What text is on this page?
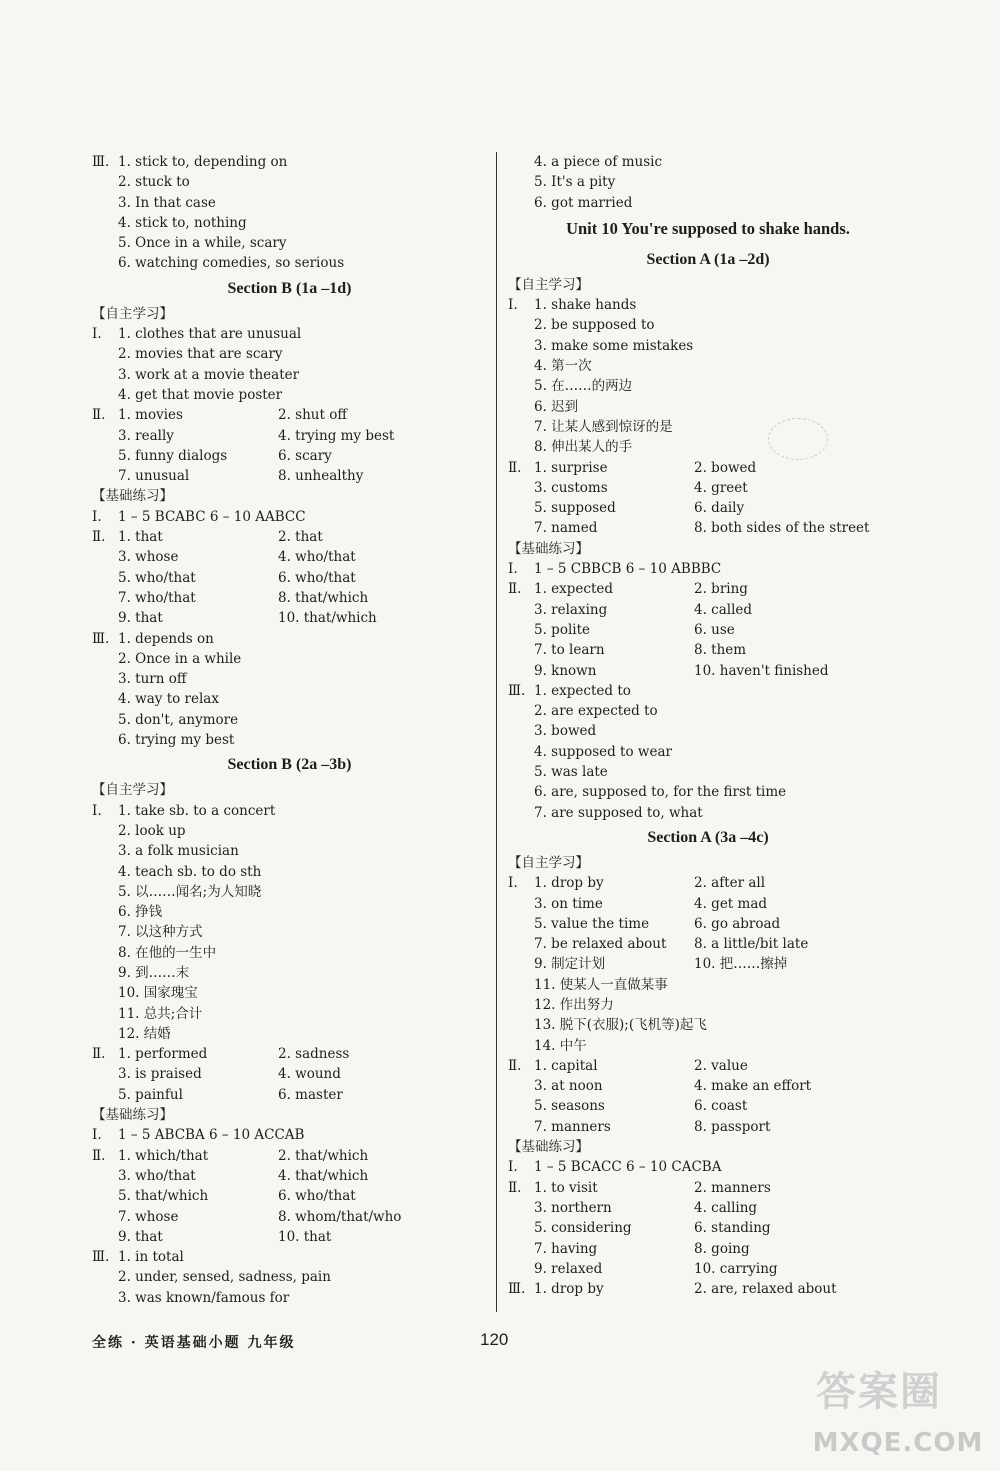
Ⅲ. 1. stick to, depending on
2. stuck to
3. In that case
4. stick to, nothing
5. Once in a while, scary
6. watching comedies, so serious
Section B (1a –1d)
【自主学习】
Ⅰ. 1. clothes that are unusual
2. movies that are scary
3. work at a movie theater
4. get that movie poster
Ⅱ. 1. movies	2. shut off
3. really	4. trying my best
5. funny dialogs	6. scary
7. unusual	8. unhealthy
【基础练习】
Ⅰ. 1 – 5 BCABC 6 – 10 AABCC
Ⅱ. 1. that	2. that
3. whose	4. who/that
5. who/that	6. who/that
7. who/that	8. that/which
9. that	10. that/which
Ⅲ. 1. depends on
2. Once in a while
3. turn off
4. way to relax
5. don't, anymore
6. trying my best
Section B (2a –3b)
【自主学习】
Ⅰ. 1. take sb. to a concert
2. look up
3. a folk musician
4. teach sb. to do sth
5. 以……闻名;为人知晓
6. 挣钱
7. 以这种方式
8. 在他的一生中
9. 到……末
10. 国家瑰宝
11. 总共;合计
12. 结婚
Ⅱ. 1. performed	2. sadness
3. is praised	4. wound
5. painful	6. master
【基础练习】
Ⅰ. 1 – 5 ABCBA 6 – 10 ACCAB
Ⅱ. 1. which/that	2. that/which
3. who/that	4. that/which
5. that/which	6. who/that
7. whose	8. whom/that/who
9. that	10. that
Ⅲ. 1. in total
2. under, sensed, sadness, pain
3. was known/famous for
4. a piece of music
5. It's a pity
6. got married
Unit 10 You're supposed to shake hands.
Section A (1a –2d)
【自主学习】
Ⅰ. 1. shake hands
2. be supposed to
3. make some mistakes
4. 第一次
5. 在……的两边
6. 迟到
7. 让某人感到惊讶的是
8. 伸出某人的手
Ⅱ. 1. surprise	2. bowed
3. customs	4. greet
5. supposed	6. daily
7. named	8. both sides of the street
【基础练习】
Ⅰ. 1 – 5 CBBCB 6 – 10 ABBBC
Ⅱ. 1. expected	2. bring
3. relaxing	4. called
5. polite	6. use
7. to learn	8. them
9. known	10. haven't finished
Ⅲ. 1. expected to
2. are expected to
3. bowed
4. supposed to wear
5. was late
6. are, supposed to, for the first time
7. are supposed to, what
Section A (3a –4c)
【自主学习】
Ⅰ. 1. drop by	2. after all
3. on time	4. get mad
5. value the time	6. go abroad
7. be relaxed about 8. a little/bit late
9. 制定计划	10. 把……擦掉
11. 使某人一直做某事
12. 作出努力
13. 脱下(衣服);(飞机等)起飞
14. 中午
Ⅱ. 1. capital	2. value
3. at noon	4. make an effort
5. seasons	6. coast
7. manners	8. passport
【基础练习】
Ⅰ. 1 – 5 BCACC 6 – 10 CACBA
Ⅱ. 1. to visit	2. manners
3. northern	4. calling
5. considering	6. standing
7. having	8. going
9. relaxed	10. carrying
Ⅲ. 1. drop by	2. are, relaxed about
全练 · 英语基础小题 九年级	120
答案圈
MXQE.COM
